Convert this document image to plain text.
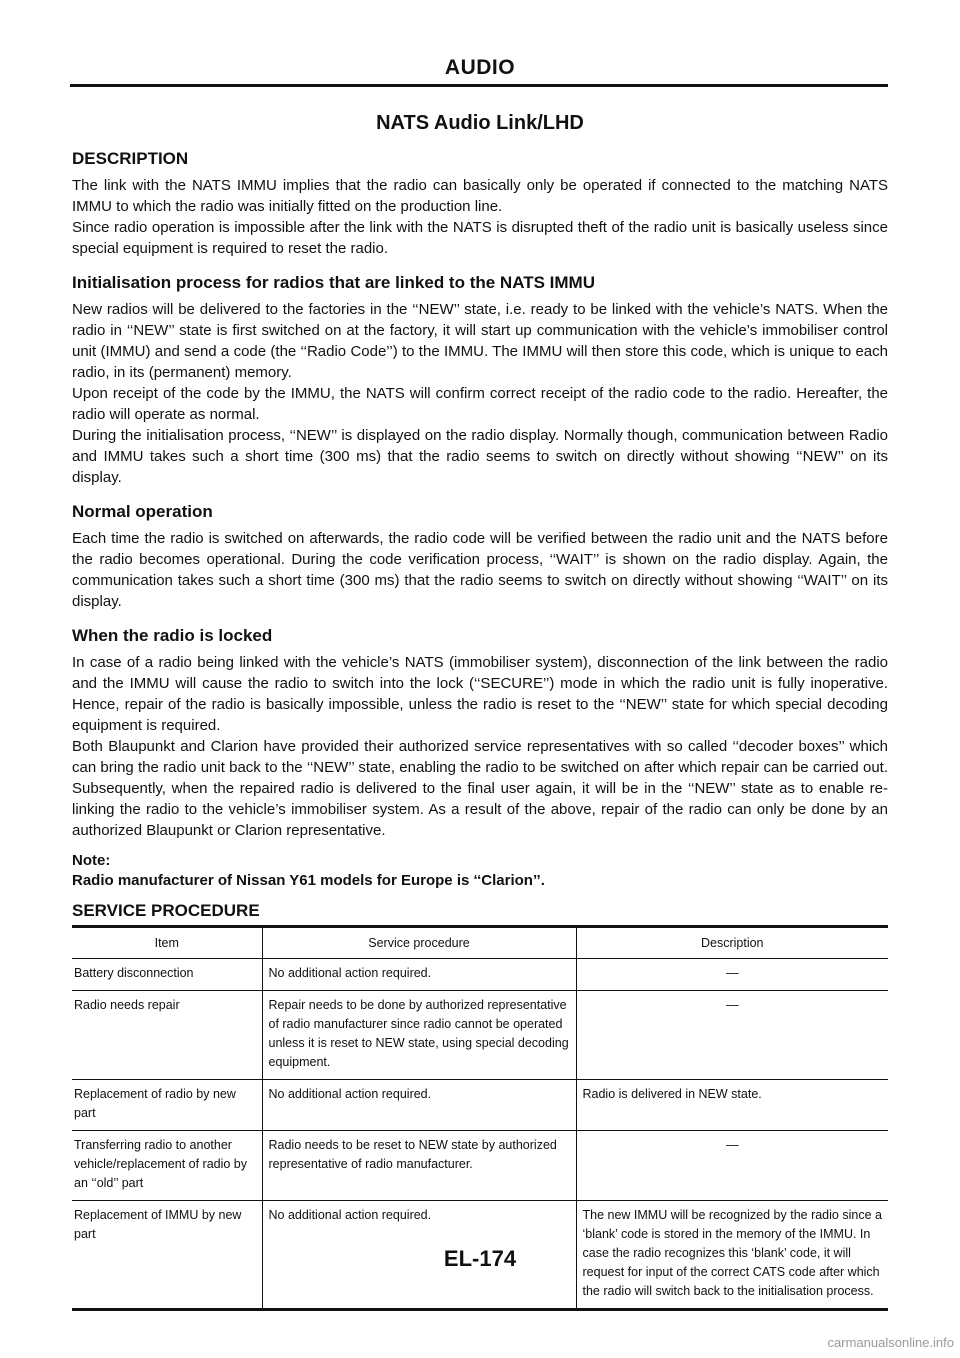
AUDIO
NATS Audio Link/LHD
DESCRIPTION

The link with the NATS IMMU implies that the radio can basically only be operated if connected to the matching NATS IMMU to which the radio was initially fitted on the production line.

Since radio operation is impossible after the link with the NATS is disrupted theft of the radio unit is basically useless since special equipment is required to reset the radio.

Initialisation process for radios that are linked to the NATS IMMU

New radios will be delivered to the factories in the ‘‘NEW’’ state, i.e. ready to be linked with the vehicle’s NATS. When the radio in ‘‘NEW’’ state is first switched on at the factory, it will start up communication with the vehicle’s immobiliser control unit (IMMU) and send a code (the ‘‘Radio Code’’) to the IMMU. The IMMU will then store this code, which is unique to each radio, in its (permanent) memory.

Upon receipt of the code by the IMMU, the NATS will confirm correct receipt of the radio code to the radio. Hereafter, the radio will operate as normal.

During the initialisation process, ‘‘NEW’’ is displayed on the radio display. Normally though, communication between Radio and IMMU takes such a short time (300 ms) that the radio seems to switch on directly without showing ‘‘NEW’’ on its display.

Normal operation

Each time the radio is switched on afterwards, the radio code will be verified between the radio unit and the NATS before the radio becomes operational. During the code verification process, ‘‘WAIT’’ is shown on the radio display. Again, the communication takes such a short time (300 ms) that the radio seems to switch on directly without showing ‘‘WAIT’’ on its display.

When the radio is locked

In case of a radio being linked with the vehicle’s NATS (immobiliser system), disconnection of the link between the radio and the IMMU will cause the radio to switch into the lock (‘‘SECURE’’) mode in which the radio unit is fully inoperative. Hence, repair of the radio is basically impossible, unless the radio is reset to the ‘‘NEW’’ state for which special decoding equipment is required.

Both Blaupunkt and Clarion have provided their authorized service representatives with so called ‘‘decoder boxes’’ which can bring the radio unit back to the ‘‘NEW’’ state, enabling the radio to be switched on after which repair can be carried out. Subsequently, when the repaired radio is delivered to the final user again, it will be in the ‘‘NEW’’ state as to enable re-linking the radio to the vehicle’s immobiliser system. As a result of the above, repair of the radio can only be done by an authorized Blaupunkt or Clarion representative.

Note:
Radio manufacturer of Nissan Y61 models for Europe is ‘‘Clarion’’.
SERVICE PROCEDURE
Item	Service procedure	Description
Battery disconnection	No additional action required.	—
Radio needs repair	Repair needs to be done by authorized representative of radio manufacturer since radio cannot be operated unless it is reset to NEW state, using special decoding equipment.	—
Replacement of radio by new part	No additional action required.	Radio is delivered in NEW state.
Transferring radio to another vehicle/replacement of radio by an ‘‘old’’ part	Radio needs to be reset to NEW state by authorized representative of radio manufacturer.	—
Replacement of IMMU by new part	No additional action required.	The new IMMU will be recognized by the radio since a ‘blank’ code is stored in the memory of the IMMU. In case the radio recognizes this ‘blank’ code, it will request for input of the correct CATS code after which the radio will switch back to the initialisation process.
EL-174
carmanualsonline.info
